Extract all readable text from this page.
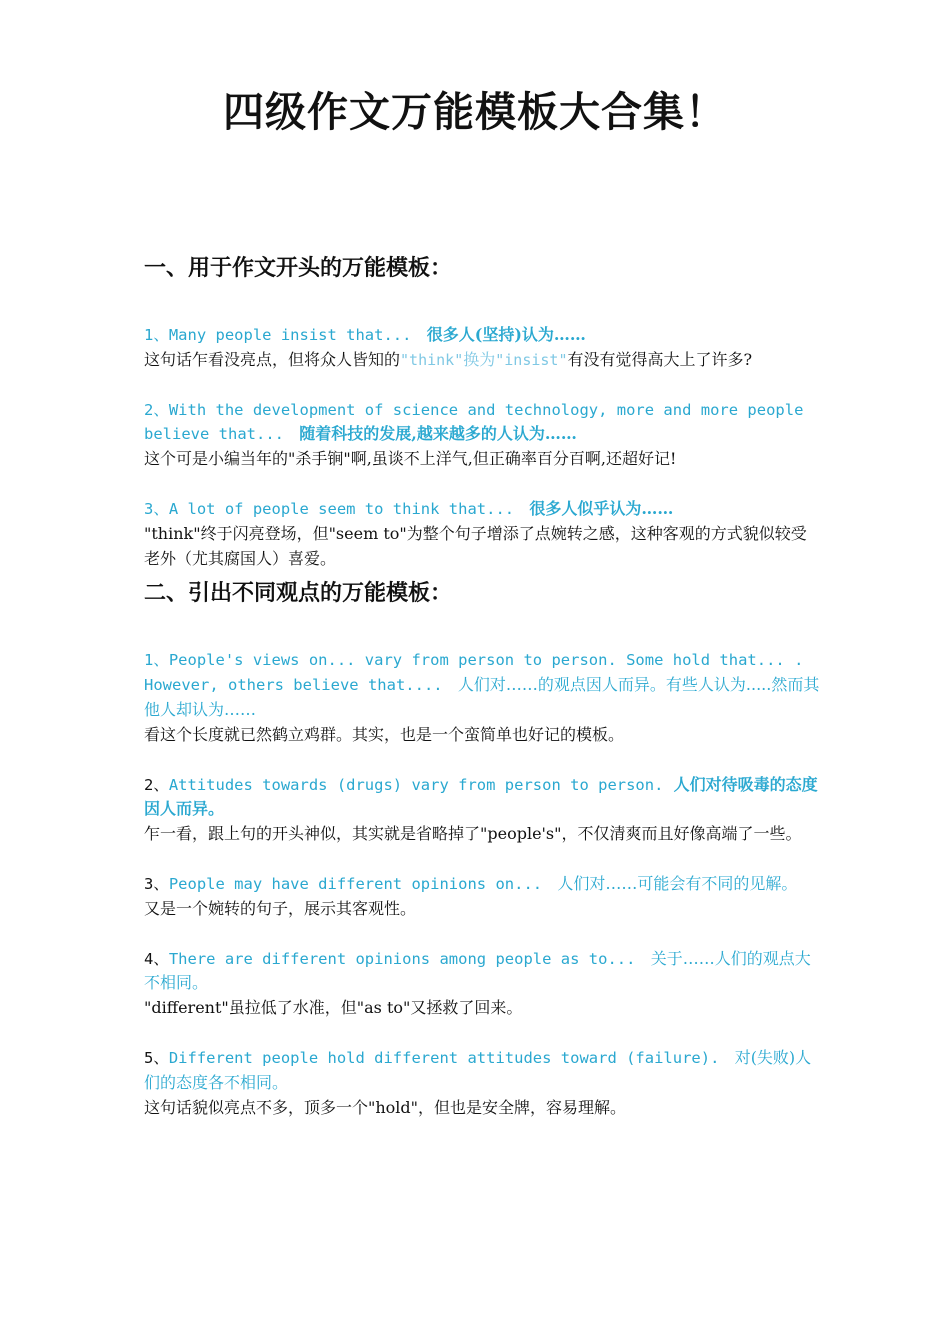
四级作文万能模板大合集！
一、用于作文开头的万能模板：
1、Many people insist that... 很多人(坚持)认为……
这句话乍看没亮点，但将众人皆知的"think"换为"insist"有没有觉得高大上了许多?
2、With the development of science and technology, more and more people believe that... 随着科技的发展,越来越多的人认为……
这个可是小编当年的"杀手锏"啊,虽谈不上洋气,但正确率百分百啊,还超好记!
3、A lot of people seem to think that... 很多人似乎认为……
"think"终于闪亮登场，但"seem to"为整个句子增添了点婉转之感，这种客观的方式貌似较受老外（尤其腐国人）喜爱。
二、引出不同观点的万能模板：
1、People's views on... vary from person to person. Some hold that... . However, others believe that.... 人们对……的观点因人而异。有些人认为.....然而其他人却认为……
看这个长度就已然鹤立鸡群。其实，也是一个蛮简单也好记的模板。
2、Attitudes towards (drugs) vary from person to person. 人们对待吸毒的态度因人而异。
乍一看，跟上句的开头神似，其实就是省略掉了"people's"，不仅清爽而且好像高端了一些。
3、People may have different opinions on... 人们对……可能会有不同的见解。
又是一个婉转的句子，展示其客观性。
4、There are different opinions among people as to... 关于……人们的观点大不相同。
"different"虽拉低了水准，但"as to"又拯救了回来。
5、Different people hold different attitudes toward (failure). 对(失败)人们的态度各不相同。
这句话貌似亮点不多，顶多一个"hold"，但也是安全牌，容易理解。
